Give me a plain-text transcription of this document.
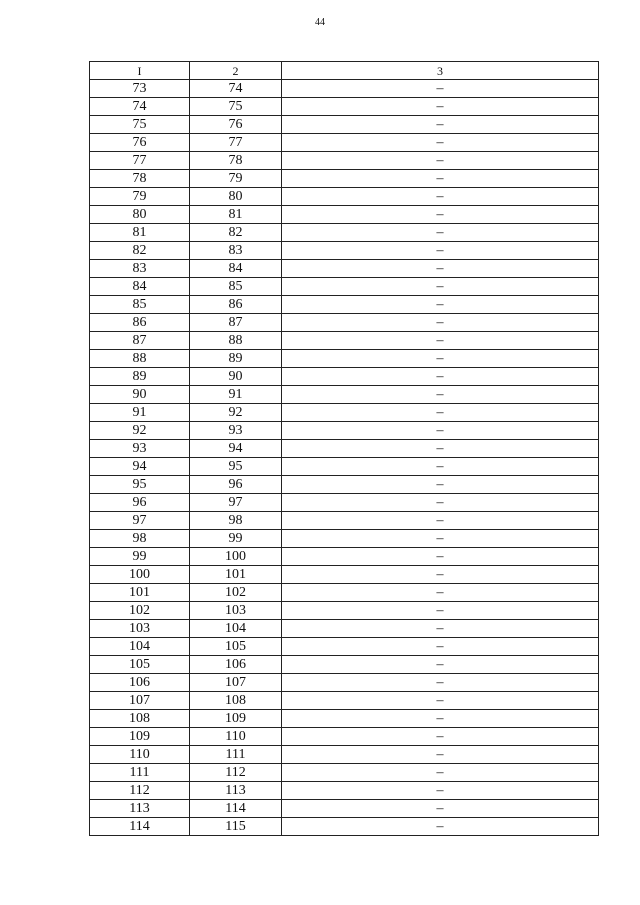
44
I	2	3
73	74	–
74	75	–
75	76	–
76	77	–
77	78	–
78	79	–
79	80	–
80	81	–
81	82	–
82	83	–
83	84	–
84	85	–
85	86	–
86	87	–
87	88	–
88	89	–
89	90	–
90	91	–
91	92	–
92	93	–
93	94	–
94	95	–
95	96	–
96	97	–
97	98	–
98	99	–
99	100	–
100	101	–
101	102	–
102	103	–
103	104	–
104	105	–
105	106	–
106	107	–
107	108	–
108	109	–
109	110	–
110	111	–
111	112	–
112	113	–
113	114	–
114	115	–
